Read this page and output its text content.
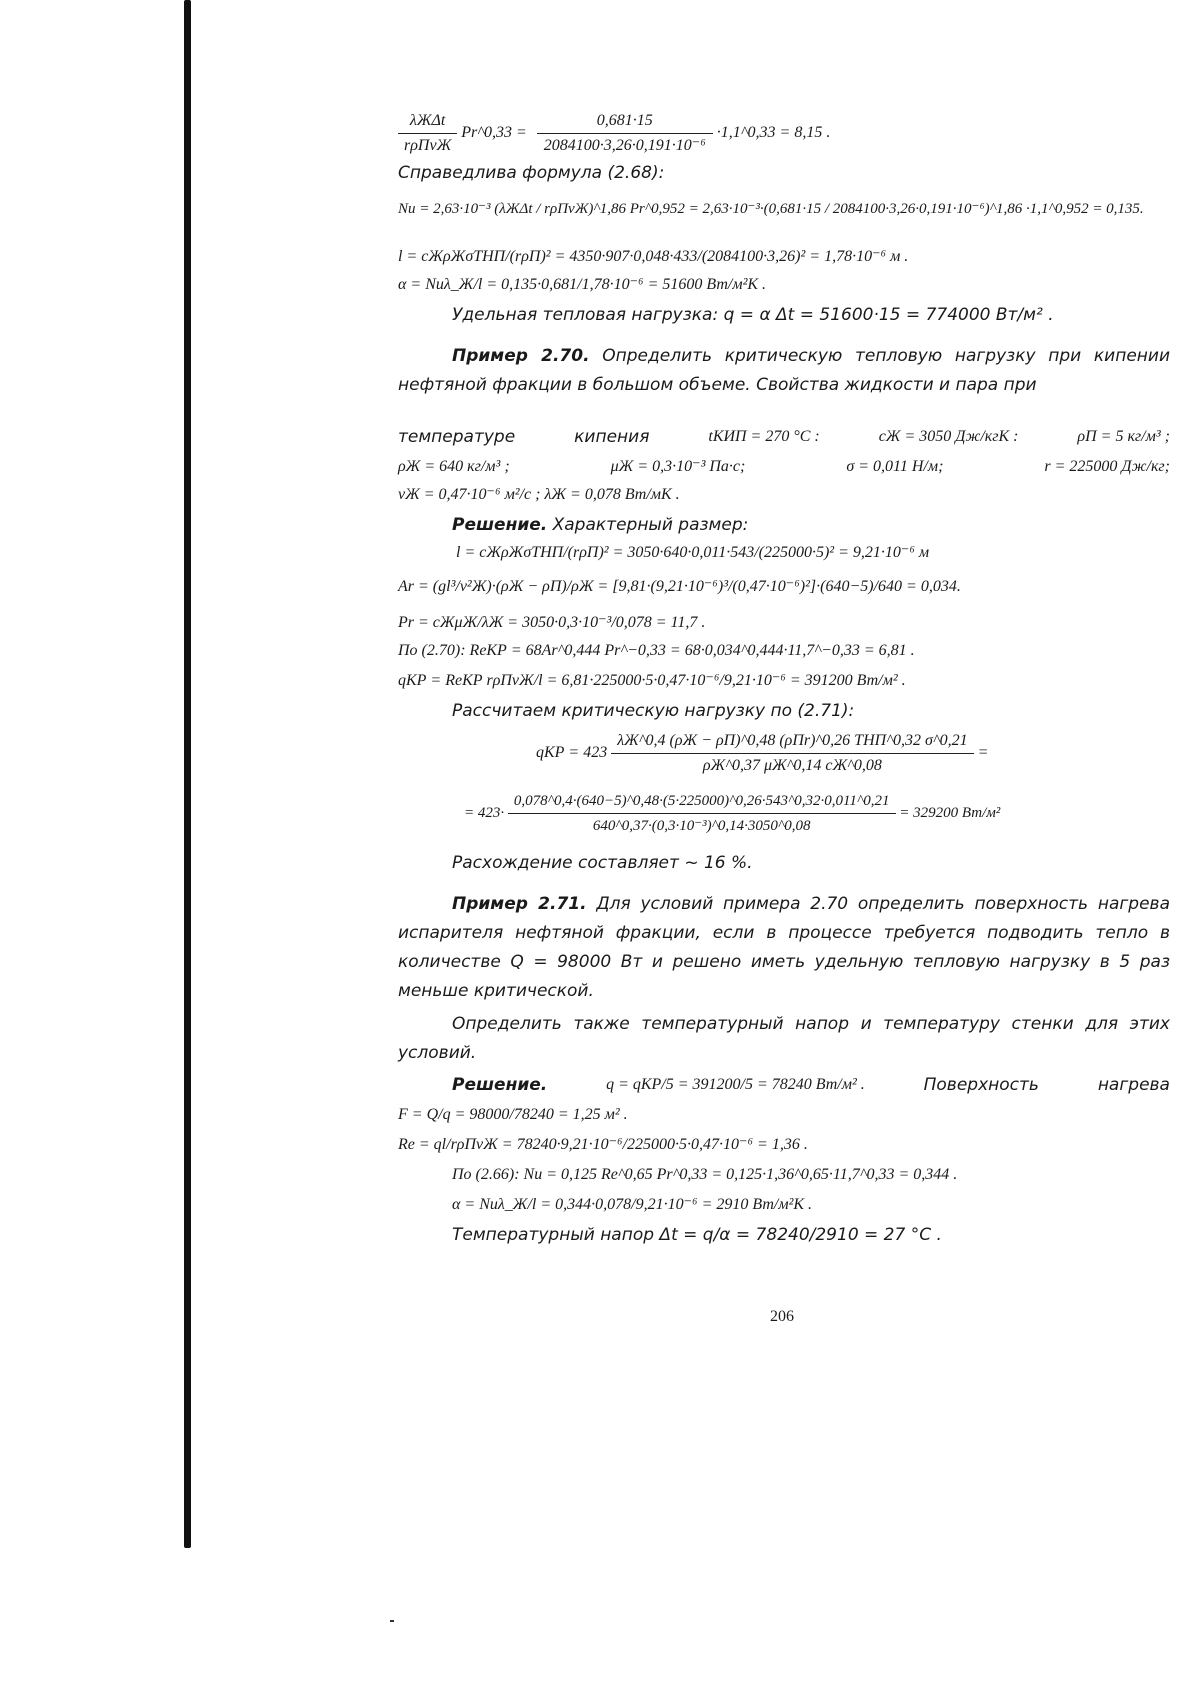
$\frac{\text{λЖΔt}}{\text{rρПvЖ}}$ Pr^0,33 = $\frac{0,681\cdot 15}{\text{2084100·3,26·0,191·10⁻⁶}}$ ·1,1^0,33 = 8,15 .
Справедлива формула (2.68):
Nu = 2,63·10⁻³ (λЖΔt / rρПvЖ)^1,86 Pr^0,952 = 2,63·10⁻³·(0,681·15 / 2084100·3,26·0,191·10⁻⁶)^1,86 ·1,1^0,952 = 0,135.
l = cЖρЖσTНП/(rρП)² = 4350·907·0,048·433/(2084100·3,26)² = 1,78·10⁻⁶ м .
α = Nuλ_Ж/l = 0,135·0,681/1,78·10⁻⁶ = 51600 Вт/м²К .
Удельная тепловая нагрузка: q = α Δt = 51600·15 = 774000 Вт/м² .
Пример 2.70. Определить критическую тепловую нагрузку при кипении нефтяной фракции в большом объеме. Свойства жидкости и пара при
температуре	кипения	tКИП = 270 °С :	cЖ = 3050 Дж/кгК :	ρП = 5 кг/м³ ;
ρЖ = 640 кг/м³ ;	μЖ = 0,3·10⁻³ Па·с;	σ = 0,011 Н/м;	r = 225000 Дж/кг;
vЖ = 0,47·10⁻⁶ м²/с ; λЖ = 0,078 Вт/мК .
Решение. Характерный размер:
l = cЖρЖσTНП/(rρП)² = 3050·640·0,011·543/(225000·5)² = 9,21·10⁻⁶ м
Ar = (gl³/v²Ж)·(ρЖ − ρП)/ρЖ = [9,81·(9,21·10⁻⁶)³/(0,47·10⁻⁶)²]·(640−5)/640 = 0,034.
Pr = cЖμЖ/λЖ = 3050·0,3·10⁻³/0,078 = 11,7 .
По (2.70): ReКР = 68Ar^0,444 Pr^−0,33 = 68·0,034^0,444·11,7^−0,33 = 6,81 .
qКР = ReКР rρПvЖ/l = 6,81·225000·5·0,47·10⁻⁶/9,21·10⁻⁶ = 391200 Вт/м² .
Рассчитаем критическую нагрузку по (2.71):
qКР = $423 \frac{\text{λЖ\textasciicircum{}0,4 (ρЖ − ρП)\textasciicircum{}0,48 (ρПr)\textasciicircum{}0,26 TНП\textasciicircum{}0,32 σ\textasciicircum{}0,21}}{\rho Ж\^{}0,37 \mu Ж\^{}0,14 cЖ\^{}0,08}$ =
= $423\cdot \frac{0,078\^{}0,4\cdot(640-5)\^{}0,48\cdot(5\cdot 225000)\^{}0,26\cdot 543\^{}0,32\cdot 0,011\^{}0,21}{\text{640\textasciicircum{}0,37·(0,3·10⁻³)\textasciicircum{}0,14·3050\textasciicircum{}0,08}} = 329200$ Вт/м²
Расхождение составляет ~ 16 %.
Пример 2.71. Для условий примера 2.70 определить поверхность нагрева испарителя нефтяной фракции, если в процессе требуется подводить тепло в количестве Q = 98000 Вт и решено иметь удельную тепловую нагрузку в 5 раз меньше критической.
Определить также температурный напор и температуру стенки для этих условий.
Решение.	q = qКР/5 = 391200/5 = 78240 Вт/м² .	Поверхность	нагрева
F = Q/q = 98000/78240 = 1,25 м² .
Re = ql/rρПvЖ = 78240·9,21·10⁻⁶/225000·5·0,47·10⁻⁶ = 1,36 .
По (2.66): Nu = 0,125 Re^0,65 Pr^0,33 = 0,125·1,36^0,65·11,7^0,33 = 0,344 .
α = Nuλ_Ж/l = 0,344·0,078/9,21·10⁻⁶ = 2910 Вт/м²К .
Температурный напор Δt = q/α = 78240/2910 = 27 °С .
206
